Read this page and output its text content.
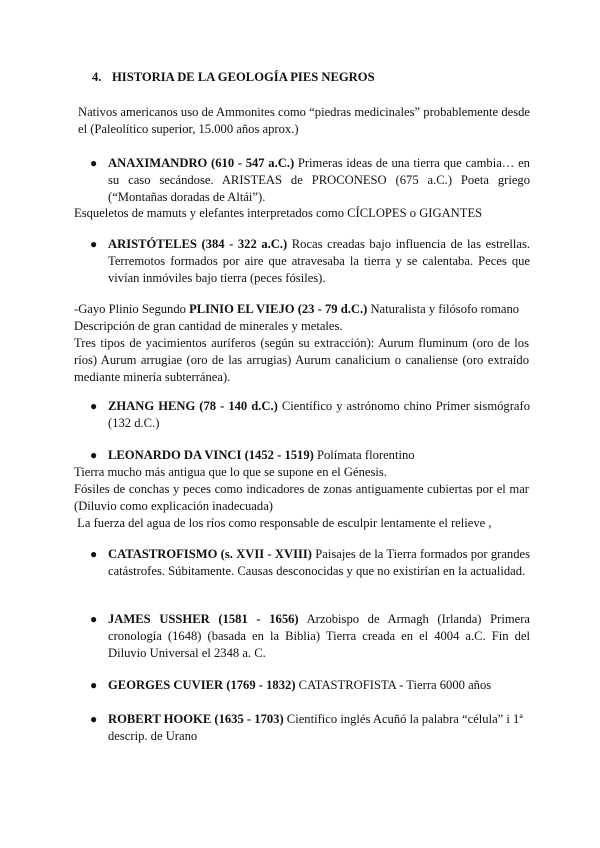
4. HISTORIA DE LA GEOLOGÍA PIES NEGROS
Nativos americanos uso de Ammonites como “piedras medicinales” probablemente desde el (Paleolítico superior, 15.000 años aprox.)
● ANAXIMANDRO (610 - 547 a.C.) Primeras ideas de una tierra que cambia… en su caso secándose. ARISTEAS de PROCONESO (675 a.C.) Poeta griego (“Montañas doradas de Altái”).
Esqueletos de mamuts y elefantes interpretados como CÍCLOPES o GIGANTES
● ARISTÓTELES (384 - 322 a.C.) Rocas creadas bajo influencia de las estrellas. Terremotos formados por aire que atravesaba la tierra y se calentaba. Peces que vivían inmóviles bajo tierra (peces fósiles).
-Gayo Plinio Segundo PLINIO EL VIEJO (23 - 79 d.C.) Naturalista y filósofo romano
Descripción de gran cantidad de minerales y metales.
Tres tipos de yacimientos auríferos (según su extracción): Aurum fluminum (oro de los ríos) Aurum arrugiae (oro de las arrugias) Aurum canalicium o canaliense (oro extraído mediante minería subterránea).
● ZHANG HENG (78 - 140 d.C.) Científico y astrónomo chino Primer sismógrafo (132 d.C.)
● LEONARDO DA VINCI (1452 - 1519) Polímata florentino
Tierra mucho más antigua que lo que se supone en el Génesis.
Fósiles de conchas y peces como indicadores de zonas antiguamente cubiertas por el mar (Diluvio como explicación inadecuada)
La fuerza del agua de los ríos como responsable de esculpir lentamente el relieve ,
● CATASTROFISMO (s. XVII - XVIII) Paisajes de la Tierra formados por grandes catástrofes. Súbitamente. Causas desconocidas y que no existirían en la actualidad.
● JAMES USSHER (1581 - 1656) Arzobispo de Armagh (Irlanda) Primera cronología (1648) (basada en la Biblia) Tierra creada en el 4004 a.C. Fin del Diluvio Universal el 2348 a. C.
● GEORGES CUVIER (1769 - 1832) CATASTROFISTA - Tierra 6000 años
● ROBERT HOOKE (1635 - 1703) Científico inglés Acuñó la palabra “célula” i 1ª descrip. de Urano
